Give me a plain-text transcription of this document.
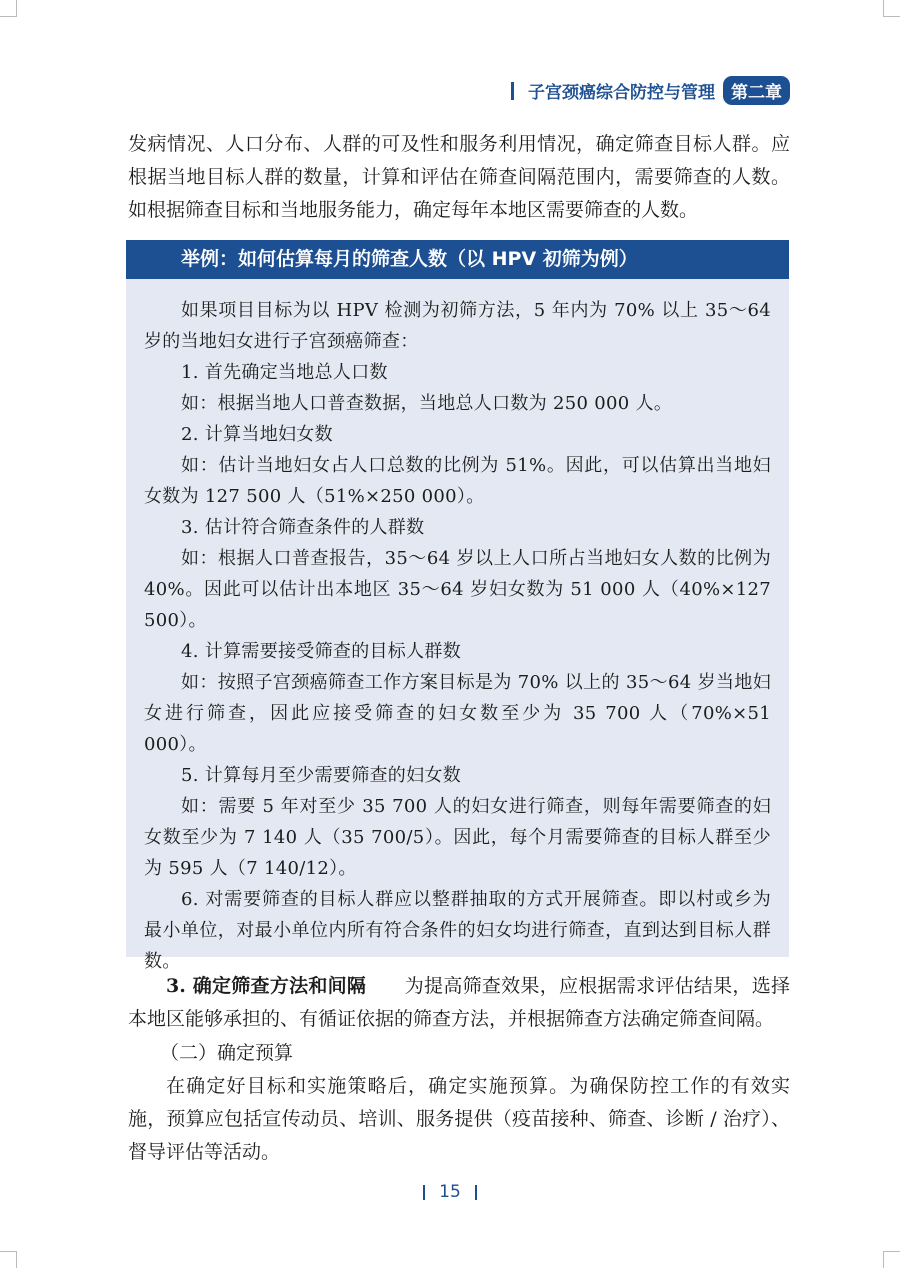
子宫颈癌综合防控与管理 第二章

发病情况、人口分布、人群的可及性和服务利用情况，确定筛查目标人群。应根据当地目标人群的数量，计算和评估在筛查间隔范围内，需要筛查的人数。如根据筛查目标和当地服务能力，确定每年本地区需要筛查的人数。

举例：如何估算每月的筛查人数（以 HPV 初筛为例）

如果项目目标为以 HPV 检测为初筛方法，5 年内为 70% 以上 35～64 岁的当地妇女进行子宫颈癌筛查：

1. 首先确定当地总人口数

如：根据当地人口普查数据，当地总人口数为 250 000 人。

2. 计算当地妇女数

如：估计当地妇女占人口总数的比例为 51%。因此，可以估算出当地妇女数为 127 500 人（51%×250 000）。

3. 估计符合筛查条件的人群数

如：根据人口普查报告，35～64 岁以上人口所占当地妇女人数的比例为 40%。因此可以估计出本地区 35～64 岁妇女数为 51 000 人（40%×127 500）。

4. 计算需要接受筛查的目标人群数

如：按照子宫颈癌筛查工作方案目标是为 70% 以上的 35～64 岁当地妇女进行筛查，因此应接受筛查的妇女数至少为 35 700 人（70%×51 000）。

5. 计算每月至少需要筛查的妇女数

如：需要 5 年对至少 35 700 人的妇女进行筛查，则每年需要筛查的妇女数至少为 7 140 人（35 700/5）。因此，每个月需要筛查的目标人群至少为 595 人（7 140/12）。

6. 对需要筛查的目标人群应以整群抽取的方式开展筛查。即以村或乡为最小单位，对最小单位内所有符合条件的妇女均进行筛查，直到达到目标人群数。

3. 确定筛查方法和间隔　　 为提高筛查效果，应根据需求评估结果，选择本地区能够承担的、有循证依据的筛查方法，并根据筛查方法确定筛查间隔。

（二）确定预算

在确定好目标和实施策略后，确定实施预算。为确保防控工作的有效实施，预算应包括宣传动员、培训、服务提供（疫苗接种、筛查、诊断 / 治疗）、督导评估等活动。

15
